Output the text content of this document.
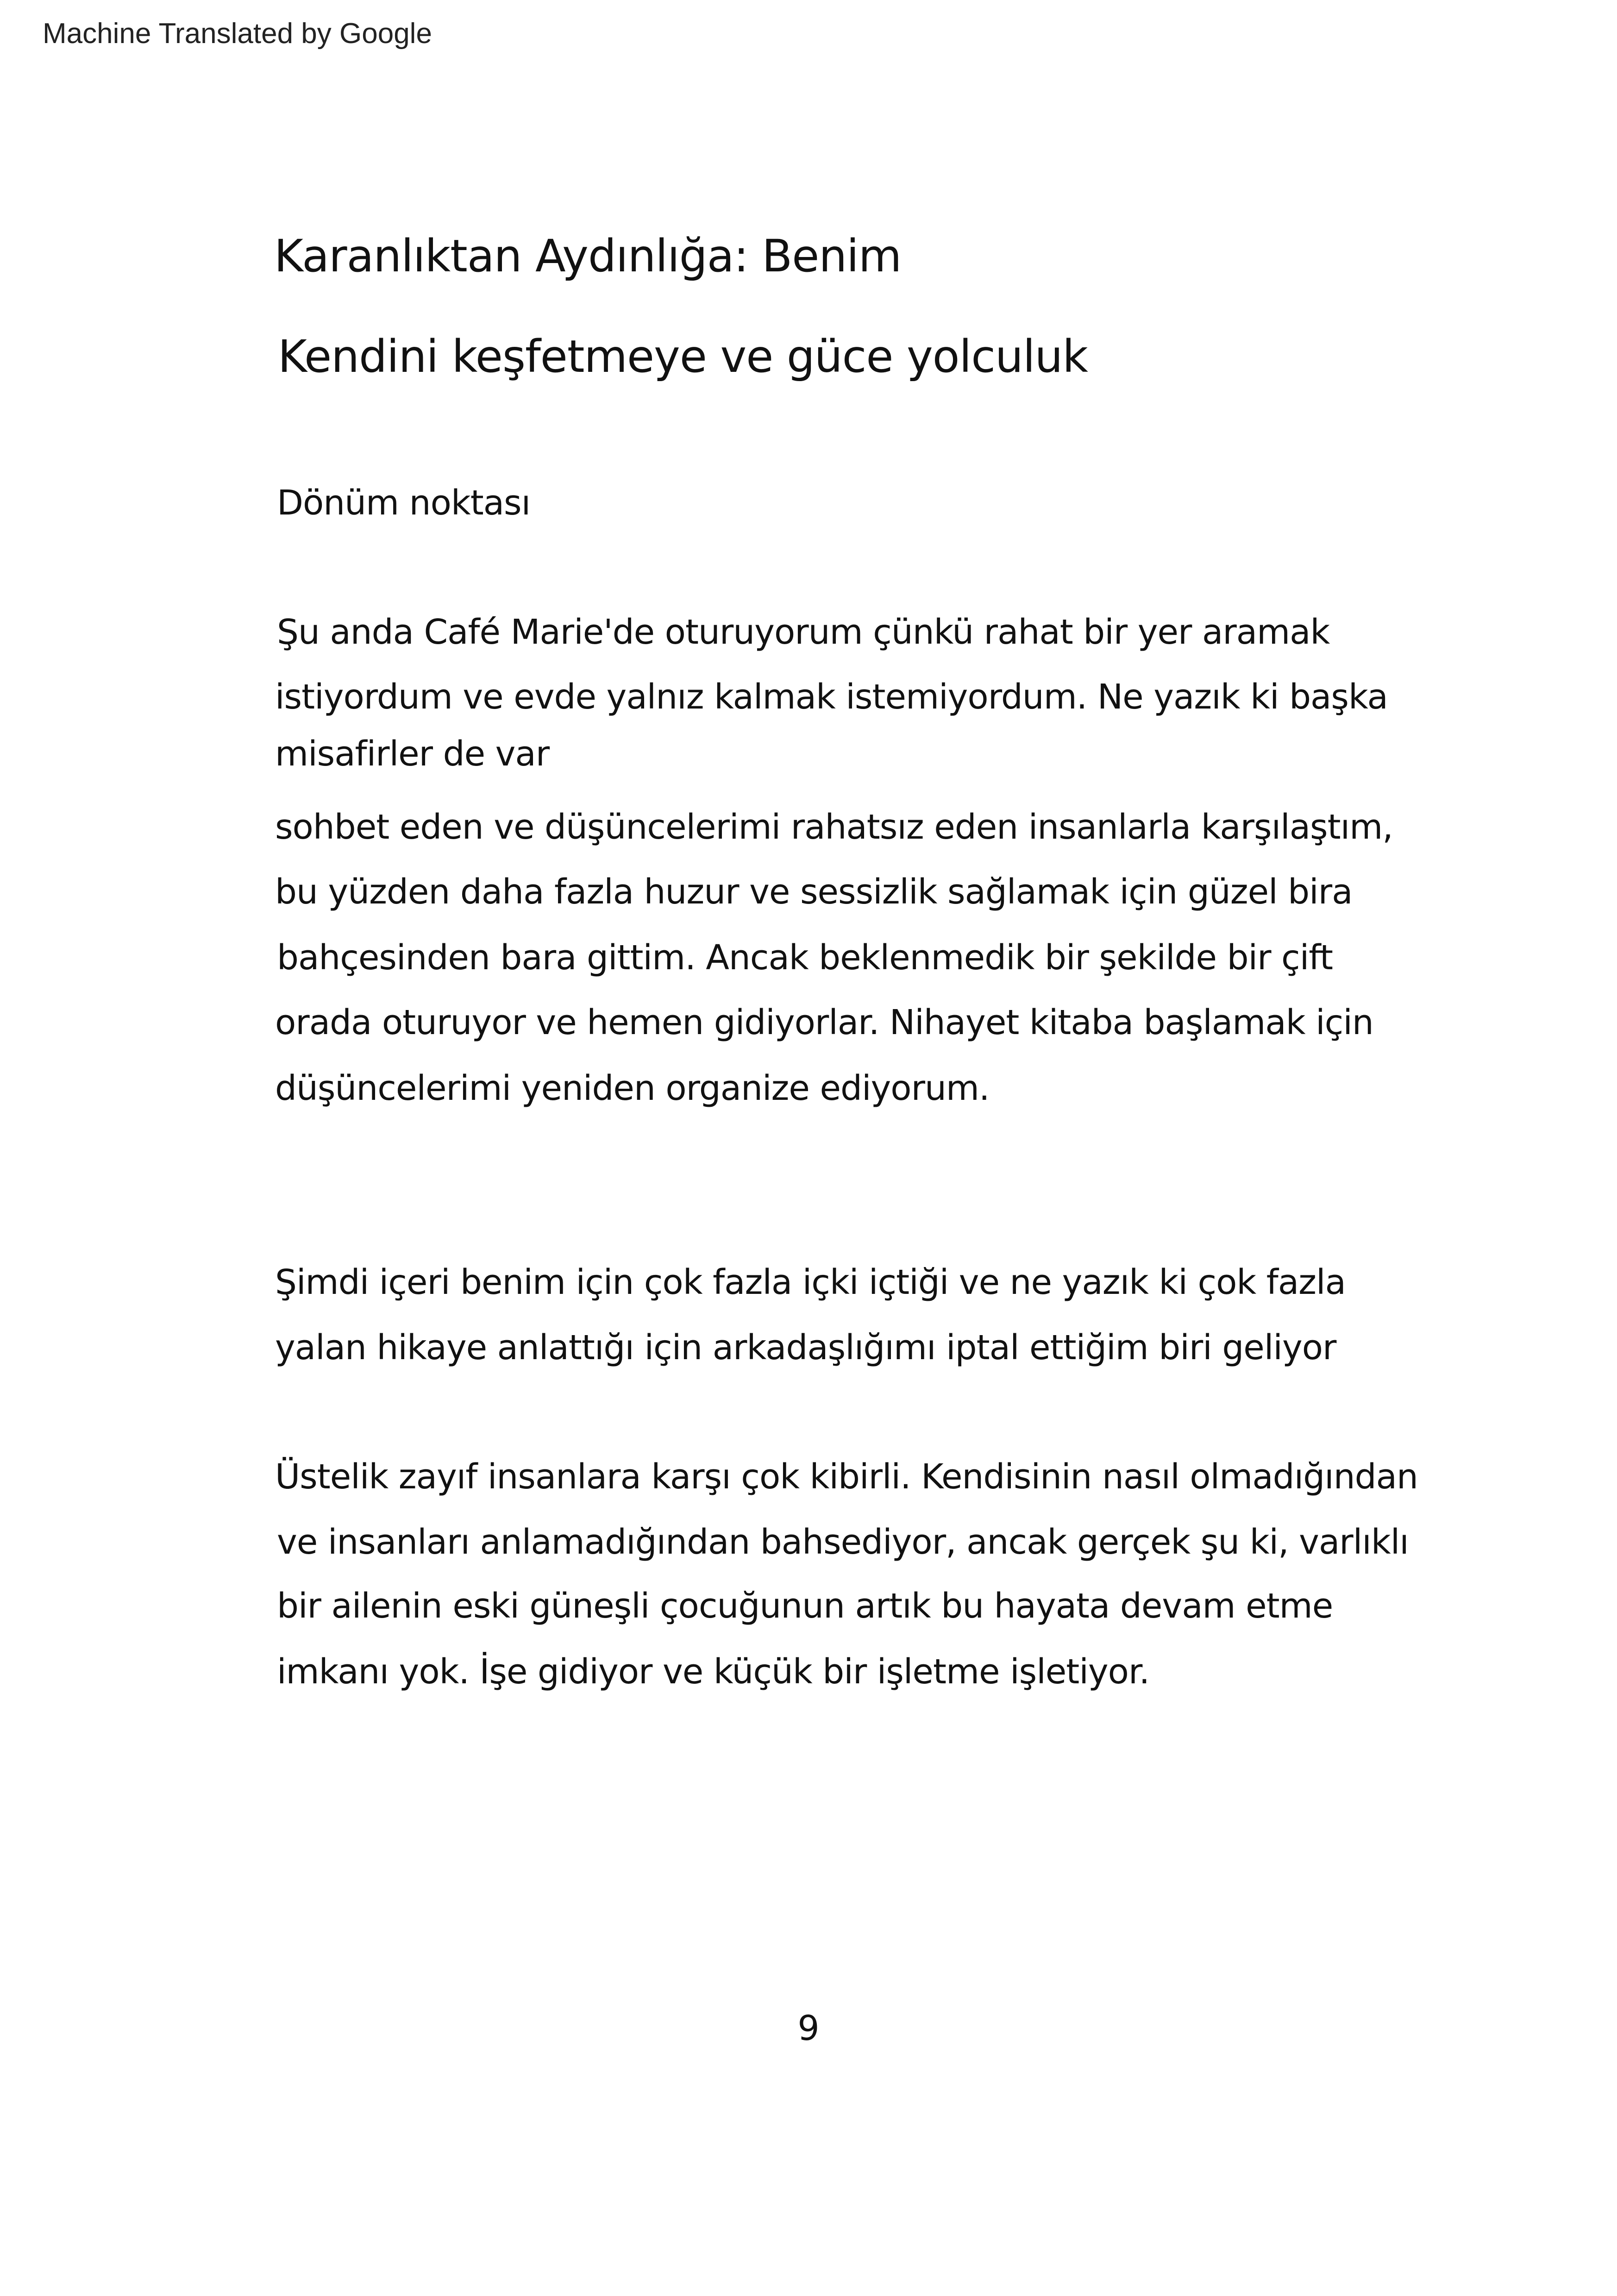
Machine Translated by Google
Karanlıktan Aydınlığa: Benim
Kendini keşfetmeye ve güce yolculuk
Dönüm noktası
Şu anda Café Marie'de oturuyorum çünkü rahat bir yer aramak
istiyordum ve evde yalnız kalmak istemiyordum. Ne yazık ki başka
misafirler de var
sohbet eden ve düşüncelerimi rahatsız eden insanlarla karşılaştım,
bu yüzden daha fazla huzur ve sessizlik sağlamak için güzel bira
bahçesinden bara gittim. Ancak beklenmedik bir şekilde bir çift
orada oturuyor ve hemen gidiyorlar. Nihayet kitaba başlamak için
düşüncelerimi yeniden organize ediyorum.
Şimdi içeri benim için çok fazla içki içtiği ve ne yazık ki çok fazla
yalan hikaye anlattığı için arkadaşlığımı iptal ettiğim biri geliyor
Üstelik zayıf insanlara karşı çok kibirli. Kendisinin nasıl olmadığından
ve insanları anlamadığından bahsediyor, ancak gerçek şu ki, varlıklı
bir ailenin eski güneşli çocuğunun artık bu hayata devam etme
imkanı yok. İşe gidiyor ve küçük bir işletme işletiyor.
9
